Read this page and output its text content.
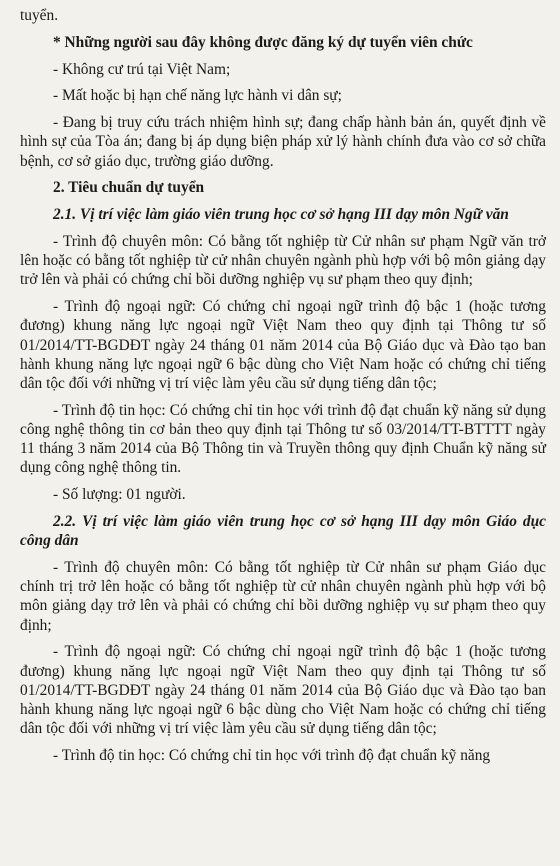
tuyển.

* Những người sau đây không được đăng ký dự tuyển viên chức

- Không cư trú tại Việt Nam;

- Mất hoặc bị hạn chế năng lực hành vi dân sự;

- Đang bị truy cứu trách nhiệm hình sự; đang chấp hành bản án, quyết định về hình sự của Tòa án; đang bị áp dụng biện pháp xử lý hành chính đưa vào cơ sở chữa bệnh, cơ sở giáo dục, trường giáo dưỡng.

2. Tiêu chuẩn dự tuyển

2.1. Vị trí việc làm giáo viên trung học cơ sở hạng III dạy môn Ngữ văn

- Trình độ chuyên môn: Có bằng tốt nghiệp từ Cử nhân sư phạm Ngữ văn trở lên hoặc có bằng tốt nghiệp từ cử nhân chuyên ngành phù hợp với bộ môn giảng dạy trở lên và phải có chứng chỉ bồi dưỡng nghiệp vụ sư phạm theo quy định;

- Trình độ ngoại ngữ: Có chứng chỉ ngoại ngữ trình độ bậc 1 (hoặc tương đương) khung năng lực ngoại ngữ Việt Nam theo quy định tại Thông tư số 01/2014/TT-BGDĐT ngày 24 tháng 01 năm 2014 của Bộ Giáo dục và Đào tạo ban hành khung năng lực ngoại ngữ 6 bậc dùng cho Việt Nam hoặc có chứng chỉ tiếng dân tộc đối với những vị trí việc làm yêu cầu sử dụng tiếng dân tộc;

- Trình độ tin học: Có chứng chỉ tin học với trình độ đạt chuẩn kỹ năng sử dụng công nghệ thông tin cơ bản theo quy định tại Thông tư số 03/2014/TT-BTTTT ngày 11 tháng 3 năm 2014 của Bộ Thông tin và Truyền thông quy định Chuẩn kỹ năng sử dụng công nghệ thông tin.

- Số lượng: 01 người.

2.2. Vị trí việc làm giáo viên trung học cơ sở hạng III dạy môn Giáo dục công dân

- Trình độ chuyên môn: Có bằng tốt nghiệp từ Cử nhân sư phạm Giáo dục chính trị trở lên hoặc có bằng tốt nghiệp từ cử nhân chuyên ngành phù hợp với bộ môn giảng dạy trở lên và phải có chứng chỉ bồi dưỡng nghiệp vụ sư phạm theo quy định;

- Trình độ ngoại ngữ: Có chứng chỉ ngoại ngữ trình độ bậc 1 (hoặc tương đương) khung năng lực ngoại ngữ Việt Nam theo quy định tại Thông tư số 01/2014/TT-BGDĐT ngày 24 tháng 01 năm 2014 của Bộ Giáo dục và Đào tạo ban hành khung năng lực ngoại ngữ 6 bậc dùng cho Việt Nam hoặc có chứng chỉ tiếng dân tộc đối với những vị trí việc làm yêu cầu sử dụng tiếng dân tộc;

- Trình độ tin học: Có chứng chỉ tin học với trình độ đạt chuẩn kỹ năng
